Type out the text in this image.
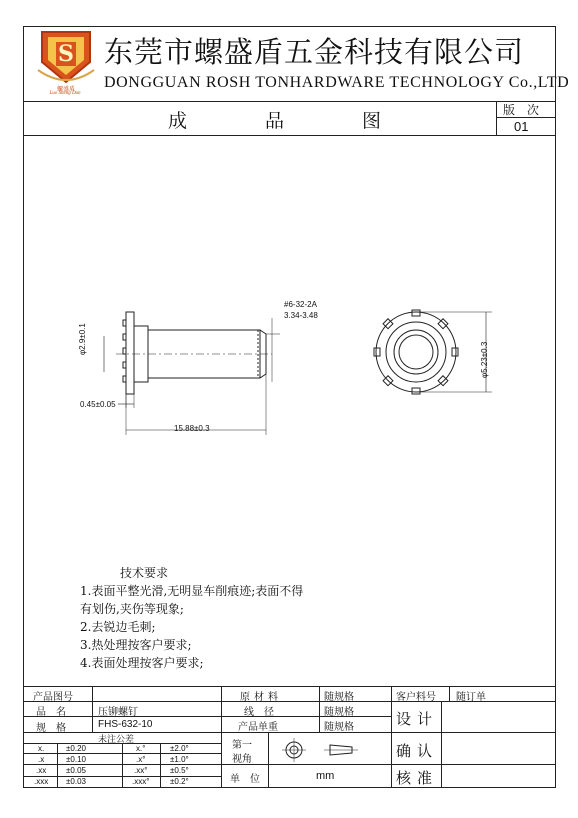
S
螺盛盾
Luo Sheng Dun
东莞市螺盛盾五金科技有限公司
DONGGUAN ROSH TONHARDWARE TECHNOLOGY Co.,LTD
成品图	版次
01
#6-32-2A
3.34-3.48
φ2.9±0.1
0.45±0.05
15.88±0.3
φ5.23±0.3
技术要求
1.表面平整光滑,无明显车削痕迹;表面不得
有划伤,夹伤等现象;
2.去锐边毛刺;
3.热处理按客户要求;
4.表面处理按客户要求;
产品图号
品　名	压铆螺钉
规　格	FHS-632-10
未注公差
原材料	随规格
线　径	随规格
产品单重	随规格
客户料号 随订单
设计
确认
核准
第一
视角
单　位	mm
x.	±0.20	x.°	±2.0°
.x	±0.10	.x°	±1.0°
.xx ±0.05	.xx°	±0.5°
.xxx ±0.03	.xxx°	±0.2°
